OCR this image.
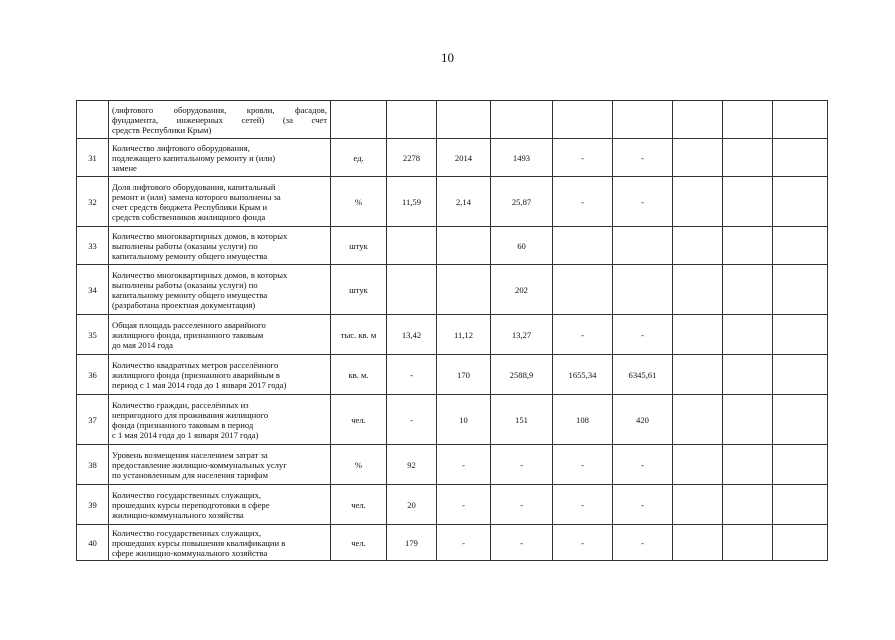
10

	(лифтового оборудования, кровли, фасадов,
фундамента, инженерных сетей) (за счет
средств Республики Крым)										

31	Количество лифтового оборудования,
подлежащего капитальному ремонту и (или)
замене	ед.	2278	2014	1493	-	-				
32	Доля лифтового оборудования, капитальный
ремонт и (или) замена которого выполнены за
счет средств бюджета Республики Крым и
средств собственников жилищного фонда	%	11,59	2,14	25,87	-	-				
33	Количество многоквартирных домов, в которых
выполнены работы (оказаны услуги) по
капитальному ремонту общего имущества	штук			60						
34	Количество многоквартирных домов, в которых
выполнены работы (оказаны услуги) по
капитальному ремонту общего имущества
(разработана проектная документация)	штук			202						
35	Общая площадь расселенного аварийного
жилищного фонда, признанного таковым
до мая 2014 года	тыс. кв. м	13,42	11,12	13,27	-	-				
36	Количество квадратных метров расселённого
жилищного фонда (признанного аварийным в
период с 1 мая 2014 года до 1 января 2017 года)	кв. м.	-	170	2588,9	1655,34	6345,61				
37	Количество граждан, расселённых из
непригодного для проживания жилищного
фонда (признанного таковым в период
с 1 мая 2014 года до 1 января 2017 года)	чел.	-	10	151	108	420				
38	Уровень возмещения населением затрат за
предоставление жилищно-коммунальных услуг
по установленным для населения тарифам	%	92	-	-	-	-				
39	Количество государственных служащих,
прошедших курсы переподготовки в сфере
жилищно-коммунального хозяйства	чел.	20	-	-	-	-				
40	Количество государственных служащих,
прошедших курсы повышения квалификации в
сфере жилищно-коммунального хозяйства	чел.	179	-	-	-	-				
